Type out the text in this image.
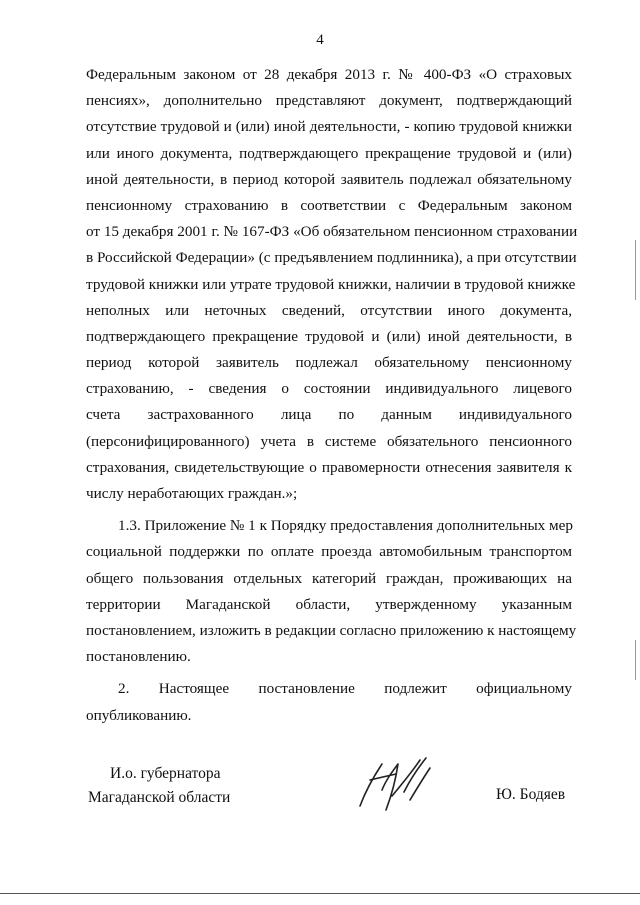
4
Федеральным законом от 28 декабря 2013 г. № 400-ФЗ «О страховых
пенсиях», дополнительно представляют документ, подтверждающий
отсутствие трудовой и (или) иной деятельности, - копию трудовой книжки
или иного документа, подтверждающего прекращение трудовой и (или)
иной деятельности, в период которой заявитель подлежал обязательному
пенсионному страхованию в соответствии с Федеральным законом
от 15 декабря 2001 г. № 167-ФЗ «Об обязательном пенсионном страховании
в Российской Федерации» (с предъявлением подлинника), а при отсутствии
трудовой книжки или утрате трудовой книжки, наличии в трудовой книжке
неполных или неточных сведений, отсутствии иного документа,
подтверждающего прекращение трудовой и (или) иной деятельности, в
период которой заявитель подлежал обязательному пенсионному
страхованию, - сведения о состоянии индивидуального лицевого
счета застрахованного лица по данным индивидуального
(персонифицированного) учета в системе обязательного пенсионного
страхования, свидетельствующие о правомерности отнесения заявителя к
числу неработающих граждан.»;
1.3. Приложение № 1 к Порядку предоставления дополнительных мер
социальной поддержки по оплате проезда автомобильным транспортом
общего пользования отдельных категорий граждан, проживающих на
территории Магаданской области, утвержденному указанным
постановлением, изложить в редакции согласно приложению к настоящему
постановлению.
2. Настоящее постановление подлежит официальному
опубликованию.
И.о. губернатора
Магаданской области	Ю. Бодяев
